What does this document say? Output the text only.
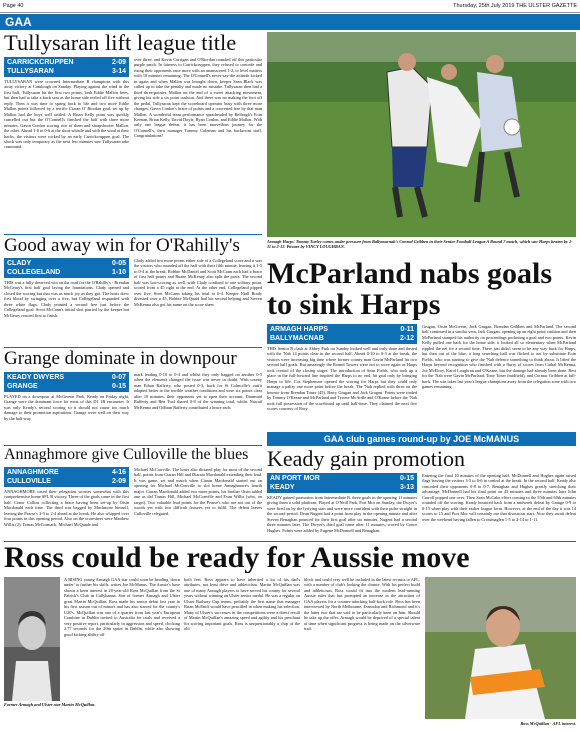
Page 40	Thursday, 25th July 2019 THE ULSTER GAZETTE
GAA
Tullysaran lift league title
CARRICKCRUPPEN	2-09
TULLYSARAN	3-14
TULLYSARAN were crowned Intermediate B champions with this away victory at Camlough on Sunday. Playing against the wind in the first half, Tullysaran hit the first two points, both Eddie Mallon frees, but then had to take a back seat as the home side reeled off five without reply. Then it was time to spring back to life and two more Eddie Mallon points followed by a terrific Ciaran O' Riordan goal, set up by Mallon had the boys well settled. A Brian Kelly point was quickly cancelled out but the O'Connell's finished the half with three more minutes, Gavin Conlon scoring two of them and sharpshooter Mallon, the other. Ahead 1-6 to 0-6 at the short whistle and with the wind at their backs, the visitors were rocked by an early Carrickcruppen goal. The shock was only temporary as the next few minutes saw Tullysaran take command.
over three, and Kevin Corrigan and O'Riordan rounded off this particular purple patch. In fairness to Carrickcruppen, they refused to concede and rising their opponents once more with an unanswered 1-2, to level matters with 10 minutes remaining. The O'Connell's never-say-die attitude kicked in again and when Mallon was brought down, keeper Sean Black was called up to take the penalty and made no mistake. Tullysaran then had a third three-pointer, Mallon on the end of a sweet attacking movement, giving his side a six point cushion. And there was no making the foot off the pedal, Tullysaran kept the scoreboard operator busy with three more changes, Gavin Conlon's brace of points and a converted free by that man Mallon. A wonderful team performance spearheaded by Belleagh's Eoin Keenan, Brian Kelly, David Doyle, Ryan Conlon, and Eddie Mallon. With only one league defeat, it has been marvellous journey for the O'Connell's, their manager Tommy Coleman and his backroom staff. Congratulations!
Armagh Harps' Tommy Turley comes under pressure from Ballymacnab's Conrad Gribben in their Senior Football League A Round 7 match, which saw Harps beaten by 1-11 to 2-12. Picture by VINCY LOUGHRAN.
Good away win for O'Rahilly's
CLADY	0-05
COLLEGELAND	1-10
THIS was a fully deserved win on the road for the O'Rahilly's - Brendan McGeary's first half goal laying the foundations. Clady opened and closed the scoring but that was as much joy as they got. The hosts drew first blood by swinging over a free, but Collegeland responded with three white flags. Clady pointed a second free just before the Collegeland goal. Scott McCann's initial shot parried by the keeper but McGeary reacted first to finish.
Clady added two more points either side of a Collegeland score and it was the visitors who rounded off the half with their fifth minute, leaving it 1-5 to 0-4 at the break. Robbie McDaniel and Scott McCann each had a brace of first half points and Ruane McKenny also split the posts. The second half was low-scoring as well, with Clady confined to one solitary point, scored from a 45 right at the end. At the other end, Collegeland pipped over five, Scott McCann taking his total to 0-4. Keeper Niall Brady divested over a 45, Robbie McQuaid had his second helping and Steven McKenna also got his name on the score sheet.
Grange dominate in downpour
KEADY DWYERS	0-07
GRANGE	0-15
PLAYED on a downpour at McGeown Park, Keady on Friday night, Grange were the dominant force for most of this D1 1B encounter. It was only Keady's second scoring so it should not cause too much damage to their promotion aspirations. Grange were well on their way by the half-way
mark leading 0-10 to 0-4 and whilst they only bagged on another 0-5 when the elements changed the issue was never in doubt. With county man Ethan Rafferty, who posted 0-3, back for St Colmcille's outfit adapted better to the terrible weather conditions and were six points clear after 10 minutes, their opponents yet to open their account. Diarmuid Rafferty and Ben Toal shared 0-8 of the winning total, whilst Niacail McKenna and Odhran Rafferty contributed a brace each.
Annaghmore give Culloville the blues
ANNAGHMORE	4-16
CULLOVILLE	2-09
ANNAGHMORE cased their relegation worries somewhat with this comprehensive home SFL B victory. Three of the goals came in the first half, Conor Collins collecting a brace having been set-up by Oisin Macdonald each time. The third was bagged by Muckmore himself, leaving the Pearse's 3-9 to 2-4 ahead at the break. He also whipped over four points in this opening period. Also on the scoresheet were Matthew Willis (2), Tomas McCormack, Michael McQuade and
Michael McConville. The hosts also dictated play for most of the second half, points from Ciaran Hill and Diaraia Macdonald extending their lead. It was game, set and match when Ciaran Macdonald started out on opening for Michael McConville to slot home Annaghmore's fourth major. Ciaran Macdonald added two more points, his brother Oisin added one as did Tomas Hill, Michael McConville and Evan Willis (who, on target). Two valuable lead points for the Pearse's who are not out of the woods yet with two difficult fixtures yet to fulfil. The defeat leaves Culloville relegated.
McParland nabs goals to sink Harps
ARMAGH HARPS	0-11
BALLYMACNAB	2-12
THIS Senior B clash at Abbey Park on Sunday looked well and truly done and dusted with the 'Nab 14 points clear in the second half. Ahead 0-10 to 0-3 at the break, the visitors were increasing big time where former county man Gavin McParland hit two second half goals. But amazingly the Round Towers were not to score again as Harps took control of the closing stages. The introduction of Sean Fields, who took up a place in the full-forward line inspired the Harps to no end, hit goal only by bringing Harps to life. Cos Stephenson opened the scoring for Harps but they could only manage a paltry one more point before the break. The 'Nab replied with three on the bounce from Brendan Toner (45), Barry Grugan and Jack Grugan. Points were traded by Tommy O'Keane and McParland and Tyrone McArdle and O'Keane before the 'Nab took full possession of the scoreboard up until half-time. They claimed the next five scores courtesy of Rory
Grugan, Oisin McGivern, Jack Grugan, Brendan Gribben and McParland. The second half continued in a similar vein, Jack Grugan, opening up an eight point cushion and then McParland stamped his authority on proceedings pocketing a goal and two points. Kevin Kelly pulled one back for the home side, it looked all so elementary when McParland rippled the net for a second time. There just didn't seem to be any way back for Harps, but then out of the blue, a long searching ball was flicked to net by substitute Eoin Fields, who was starting to give the 'Nab defence something to think about. It lifted the Harps beyond recognition who finished with a flurry of scores from Cathal McKenna, Joe McElroy, Karol Loughran and O'Keane, but the damage had already been done. Best for the 'Nab were Gavin McParland, Tony Toner (midfield), and Cormac Gribben at full-back. The win takes last year's league champions away from the relegation zone with two games remaining.
GAA club games round-up by JOE McMANUS
Keady gain promotion
AN PORT MOR	0-15
KEADY	3-13
KEADY gained promotion from Intermediate B, three goals in the opening 11 minutes giving them a solid platform. Played at O'Neill Park, Port Mor on Sunday, the Dwyer's were fired on by the lyrfying start and were more confident with their pulse straight in the second period. Dean Nugent had a point from play in the opening minute and after Steven Renaghan pounced for their first goal after six minutes, Nugent had a second three minutes later. The Dwyer's third goal came after 11 minutes, scored by Conor Hughes. Points were added by Eugene McDonnell and Renaghan.
Entering the final 10 minutes of the opening half, McDonnell and Hughes again raised flags leaving the visitors 3-5 to 0-6 in control at the break. In the second half, Keady also conceded their opponents 0-8 to 0-7, Renaghan and Hughes greatly stretching their advantage. McDonnell had his final point on 45 minutes and three minutes later John Carroll popped one over. Then Sean McCabe effort coming in the 55th and 60th minutes rounded off the scoring. Keady bounced back from a midweek defeat by Grange 0-9 to 0-15 when play with their earlier league form. However, at the end of the day it was 14 scores to 15 and Port Mor will certainly rue that disastrous start. Now they await defeat over the weekend having fallen to Crossmaglen 1-5 to 2-14 to 1-11.
Ross could be ready for Aussie move
Former Armagh and Ulster star Martin McQuillan.
A RISING young Armagh GAA star could soon be heading 'down under' to further his skills, writes Joe McManus. The Aussie's have shown a keen interest in 20-year-old Ross McQuillan from the St Patrick's Club in Cullyhanna. Son of former Armagh and Ulster great Martin McQuillan, Ross made his senior debut last year in his first season out of minors and has also starred for the county's U20's. McQuillan was one of a quarter from last year's European Combine in Dublin invited to Australia for trials and received a very positive report, particularly in aggression and speed, clocking 2.77 seconds for the 20m sprint in Dublin, while also showing good kicking ability off
both feet. Ross appears to have inherited a lot of his dad's attributes, not least drive and athleticism. Martin McQuillan was one of many Armagh players to have served his county for several years without winning an Ulster senior medal. He was a regular on Ulster Railway Cup teams, probably the first name that manager Brian McEniff would have pencilled in when making his selection. Many of Ulster's successes in the competitions were a direct result of Martin McQuillan's amazing speed and agility and his penchant for scoring important goals. Ross is unquestionably a chip of the old
block and could very well be included in the latest recruits to AFL, with a number of club's looking the chance. With his perfect build and athleticism, Ross would fit into the modern lead-running Aussie rules that has prompted an increase in the attraction of GAA players for a counter-attacking half-back role. Ross has been interviewed by North Melbourne, Essendon and Richmond and it's the latter two that are said to be particularly keen on him. Should he take up the offer, Armagh would be deprived of a special talent at time when significant progress is being made on the silverware trail.
Ross McQuillan - AFL interest.
